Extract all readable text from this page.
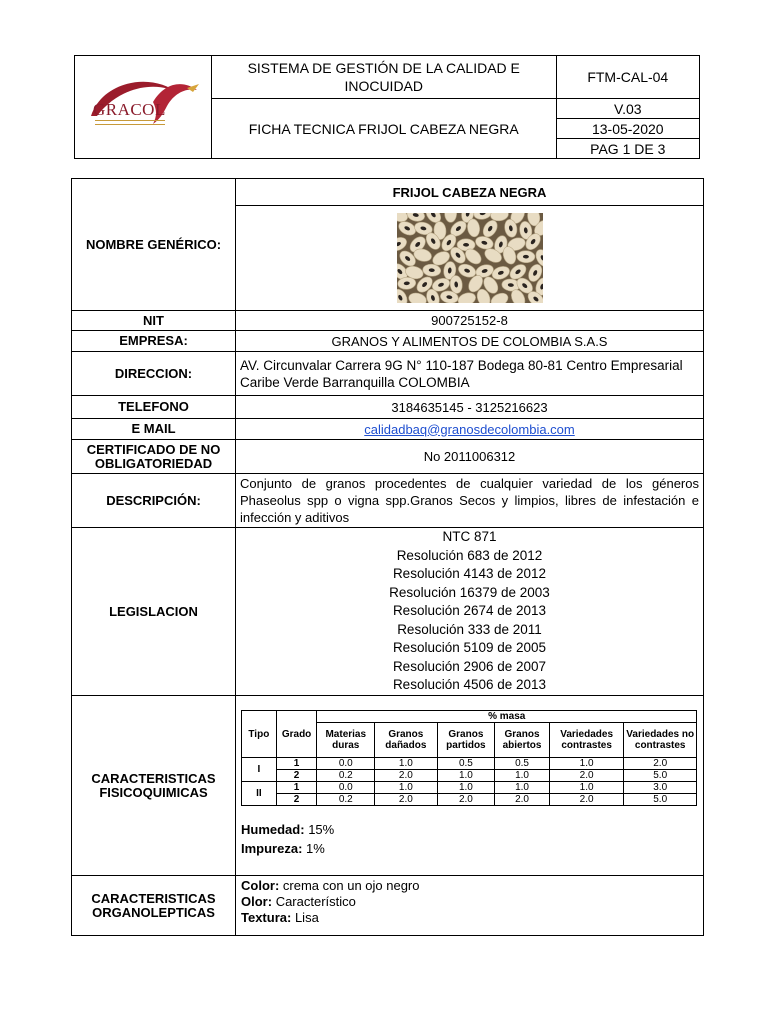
GRACOL	SISTEMA DE GESTIÓN DE LA CALIDAD E INOCUIDAD	FTM-CAL-04
	FICHA TECNICA FRIJOL CABEZA NEGRA	V.03
		13-05-2020
		PAG 1 DE 3
NOMBRE GENÉRICO:	FRIJOL CABEZA NEGRA

NIT	900725152-8
EMPRESA:	GRANOS Y ALIMENTOS DE COLOMBIA S.A.S
DIRECCION:	AV. Circunvalar Carrera 9G N° 110-187 Bodega 80-81 Centro Empresarial Caribe Verde Barranquilla COLOMBIA
TELEFONO	3184635145 - 3125216623
E MAIL	calidadbaq@granosdecolombia.com
CERTIFICADO DE NO OBLIGATORIEDAD	No 2011006312
DESCRIPCIÓN:	Conjunto de granos procedentes de cualquier variedad de los géneros Phaseolus spp o vigna spp.Granos Secos y limpios, libres de infestación e infección y aditivos
LEGISLACION	
NTC 871
Resolución 683 de 2012
Resolución 4143 de 2012
Resolución 16379 de 2003
Resolución 2674 de 2013
Resolución 333 de 2011
Resolución 5109 de 2005
Resolución 2906 de 2007
Resolución 4506 de 2013

CARACTERISTICAS FISICOQUIMICAS	
Tipo	Grado	% masa
Materias duras	Granos dañados	Granos partidos	Granos abiertos	Variedades contrastes	Variedades no contrastes
I	1	0.0	1.0	0.5	0.5	1.0	2.0
2	0.2	2.0	1.0	1.0	2.0	5.0
II	1	0.0	1.0	1.0	1.0	1.0	3.0
2	0.2	2.0	2.0	2.0	2.0	5.0
Humedad: 15%
Impureza: 1%

CARACTERISTICAS ORGANOLEPTICAS	
Color: crema con un ojo negro
Olor: Característico
Textura: Lisa
